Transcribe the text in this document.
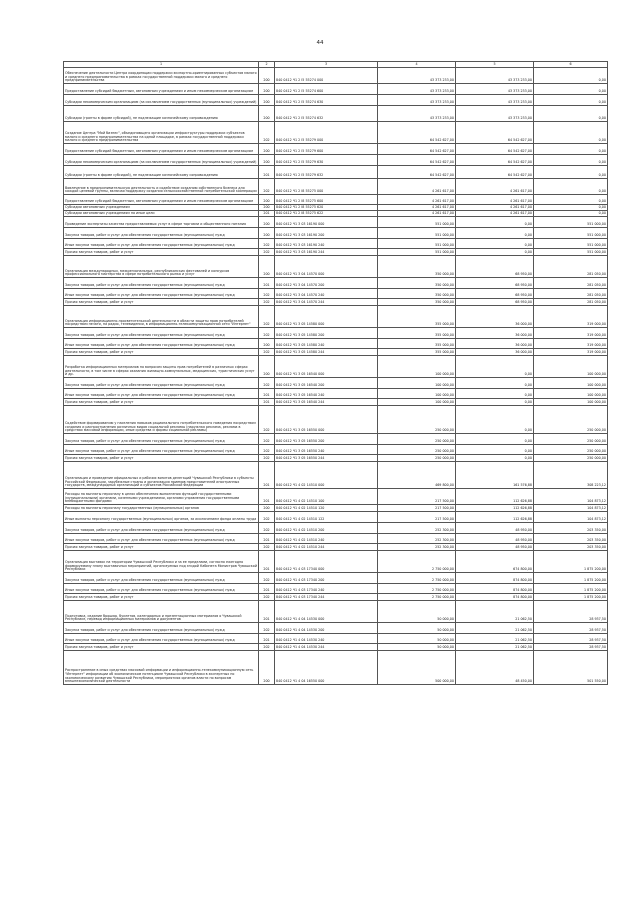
44
1	2	3	4	5	6
Обеспечение деятельности Центра координации поддержки экспортно-ориентированных субъектов малого и среднего предпринимательства в рамках государственной поддержки малого и среднего предпринимательства	200	840 0412 Ч1 2 I5 55274 000	43 373 233,00	43 373 233,00	0,00
Предоставление субсидий бюджетным, автономным учреждениям и иным некоммерческим организациям	200	840 0412 Ч1 2 I5 55274 600	43 373 233,00	43 373 233,00	0,00
Субсидии некоммерческим организациям (за исключением государственных (муниципальных) учреждений)	200	840 0412 Ч1 2 I5 55274 630	43 373 233,00	43 373 233,00	0,00
Субсидии (гранты в форме субсидий), не подлежащие казначейскому сопровождению	200	840 0412 Ч1 2 I5 55274 632	43 373 233,00	43 373 233,00	0,00
Создание Центра "Мой бизнес", объединяющего организации инфраструктуры поддержки субъектов малого и среднего предпринимательства на одной площадке, в рамках государственной поддержки малого и среднего предпринимательства	202	840 0412 Ч1 2 I5 55279 000	64 542 627,00	64 542 627,00	0,00
Предоставление субсидий бюджетным, автономным учреждениям и иным некоммерческим организациям	200	840 0412 Ч1 2 I5 55279 600	64 542 627,00	64 542 627,00	0,00
Субсидии некоммерческим организациям (за исключением государственных (муниципальных) учреждений)	200	840 0412 Ч1 2 I5 55279 630	64 542 627,00	64 542 627,00	0,00
Субсидии (гранты в форме субсидий), не подлежащие казначейскому сопровождению	201	840 0412 Ч1 2 I5 55279 632	64 542 627,00	64 542 627,00	0,00
Вовлечение в предпринимательскую деятельность и содействие созданию собственного бизнеса для каждой целевой группы, включая поддержку создания сельскохозяйственной потребительской кооперации	202	840 0412 Ч1 2 I8 55275 000	4 261 617,00	4 261 617,00	0,00
Предоставление субсидий бюджетным, автономным учреждениям и иным некоммерческим организациям	200	840 0412 Ч1 2 I8 55275 600	4 261 617,00	4 261 617,00	0,00
Субсидии автономным учреждениям	200	840 0412 Ч1 2 I8 55275 620	4 261 617,00	4 261 617,00	0,00
Субсидии автономным учреждениям на иные цели	201	840 0412 Ч1 2 I8 55275 622	4 261 617,00	4 261 617,00	0,00
Проведение экспертизы качества предоставляемых услуг в сфере торговли и общественного питания	200	840 0412 Ч1 3 03 16190 000	551 000,00	0,00	551 000,00
Закупка товаров, работ и услуг для обеспечения государственных (муниципальных) нужд	200	840 0412 Ч1 3 03 16190 200	551 000,00	0,00	551 000,00
Иные закупки товаров, работ и услуг для обеспечения государственных (муниципальных) нужд	202	840 0412 Ч1 3 03 16190 240	551 000,00	0,00	551 000,00
Прочая закупка товаров, работ и услуг	202	840 0412 Ч1 3 03 16190 244	551 000,00	0,00	551 000,00
Организация международных, межрегиональных, республиканских фестивалей и конкурсов профессионального мастерства в сфере потребительского рынка и услуг	200	840 0412 Ч1 3 04 14570 000	350 000,00	68 950,00	281 050,00
Закупка товаров, работ и услуг для обеспечения государственных (муниципальных) нужд	201	840 0412 Ч1 3 04 14570 200	350 000,00	68 950,00	281 050,00
Иные закупки товаров, работ и услуг для обеспечения государственных (муниципальных) нужд	202	840 0412 Ч1 3 04 14570 240	350 000,00	68 950,00	281 050,00
Прочая закупка товаров, работ и услуг	202	840 0412 Ч1 3 04 14570 244	350 000,00	68 950,00	281 050,00
Организация информационно-просветительской деятельности в области защиты прав потребителей посредством печати, на радио, телевидении, в информационно-телекоммуникационной сети "Интернет"	202	840 0412 Ч1 3 05 14580 000	355 000,00	36 000,00	319 000,00
Закупка товаров, работ и услуг для обеспечения государственных (муниципальных) нужд	202	840 0412 Ч1 3 05 14580 200	355 000,00	36 000,00	319 000,00
Иные закупки товаров, работ и услуг для обеспечения государственных (муниципальных) нужд	200	840 0412 Ч1 3 05 14580 240	355 000,00	36 000,00	319 000,00
Прочая закупка товаров, работ и услуг	202	840 0412 Ч1 3 05 14580 244	355 000,00	36 000,00	319 000,00
Разработка информационных материалов по вопросам защиты прав потребителей в различных сферах деятельности, в том числе в сферах оказания жилищно-коммунальных, медицинских, туристических услуг и др.	200	840 0412 Ч1 3 05 16540 000	100 000,00	0,00	100 000,00
Закупка товаров, работ и услуг для обеспечения государственных (муниципальных) нужд	202	840 0412 Ч1 3 05 16540 200	100 000,00	0,00	100 000,00
Иные закупки товаров, работ и услуг для обеспечения государственных (муниципальных) нужд	201	840 0412 Ч1 3 05 16540 240	100 000,00	0,00	100 000,00
Прочая закупка товаров, работ и услуг	201	840 0412 Ч1 3 05 16540 244	100 000,00	0,00	100 000,00
Содействие формированию у населения навыков рационального потребительского поведения посредством создания и распространения различных видов социальной рекламы (наружная реклама, реклама в средствах массовой информации, иные средства и формы социальной рекламы)	202	840 0412 Ч1 3 05 16550 000	250 000,00	0,00	250 000,00
Закупка товаров, работ и услуг для обеспечения государственных (муниципальных) нужд	202	840 0412 Ч1 3 05 16550 200	250 000,00	0,00	250 000,00
Иные закупки товаров, работ и услуг для обеспечения государственных (муниципальных) нужд	202	840 0412 Ч1 3 05 16550 240	250 000,00	0,00	250 000,00
Прочая закупка товаров, работ и услуг	202	840 0412 Ч1 3 05 16550 244	250 000,00	0,00	250 000,00
Организация и проведение официальных и рабочих визитов делегаций Чувашской Республики в субъекты Российской Федерации, зарубежные страны и организация приемов представителей иностранных государств, международных организаций и субъектов Российской Федерации	201	840 0412 Ч1 4 02 14510 000	469 800,00	161 576,88	308 223,12
Расходы на выплаты персоналу в целях обеспечения выполнения функций государственными (муниципальными) органами, казенными учреждениями, органами управления государственными внебюджетными фондами	201	840 0412 Ч1 4 02 14510 100	217 500,00	112 626,88	104 873,12
Расходы на выплаты персоналу государственных (муниципальных) органов	200	840 0412 Ч1 4 02 14510 120	217 500,00	112 626,88	104 873,12
Иные выплаты персоналу государственных (муниципальных) органов, за исключением фонда оплаты труда	202	840 0412 Ч1 4 02 14510 122	217 500,00	112 626,88	104 873,12
Закупка товаров, работ и услуг для обеспечения государственных (муниципальных) нужд	202	840 0412 Ч1 4 02 14510 200	252 300,00	48 950,00	203 350,00
Иные закупки товаров, работ и услуг для обеспечения государственных (муниципальных) нужд	201	840 0412 Ч1 4 02 14510 240	252 300,00	48 950,00	203 350,00
Прочая закупка товаров, работ и услуг	202	840 0412 Ч1 4 02 14510 244	252 300,00	48 950,00	203 350,00
Организация выставок на территории Чувашской Республики и за ее пределами, согласно ежегодно формируемому плану выставочных мероприятий, организуемых под эгидой Кабинета Министров Чувашской Республики	201	840 0412 Ч1 4 03 17340 000	2 750 000,00	674 800,00	1 875 200,00
Закупка товаров, работ и услуг для обеспечения государственных (муниципальных) нужд	202	840 0412 Ч1 4 03 17340 200	2 750 000,00	874 800,00	1 875 200,00
Иные закупки товаров, работ и услуг для обеспечения государственных (муниципальных) нужд	201	840 0412 Ч1 4 03 17340 240	2 750 000,00	874 800,00	1 875 200,00
Прочая закупка товаров, работ и услуг	202	840 0412 Ч1 4 03 17340 244	2 750 000,00	874 800,00	1 875 200,00
Подготовка, издание брошюр, буклетов, календарных и презентационных материалов о Чувашской Республике, перевод информационных материалов и документов	201	840 0412 Ч1 4 04 14530 000	50 000,00	21 062,50	28 937,50
Закупка товаров, работ и услуг для обеспечения государственных (муниципальных) нужд	202	840 0412 Ч1 4 04 14530 200	50 000,00	21 062,50	28 937,50
Иные закупки товаров, работ и услуг для обеспечения государственных (муниципальных) нужд	201	840 0412 Ч1 4 04 14530 240	50 000,00	21 062,50	28 937,50
Прочая закупка товаров, работ и услуг	202	840 0412 Ч1 4 04 14530 244	50 000,00	21 062,50	28 937,50
Распространение в иных средствах массовой информации и информационно-телекоммуникационную сеть "Интернет" информации об экономическом потенциале Чувашской Республики в экспертных по экономическому развитию Чувашской Республики, мероприятиях органов власти по вопросам внешнеэкономической деятельности	200	840 0412 Ч1 4 04 16550 000	500 000,00	48 450,00	501 550,00
